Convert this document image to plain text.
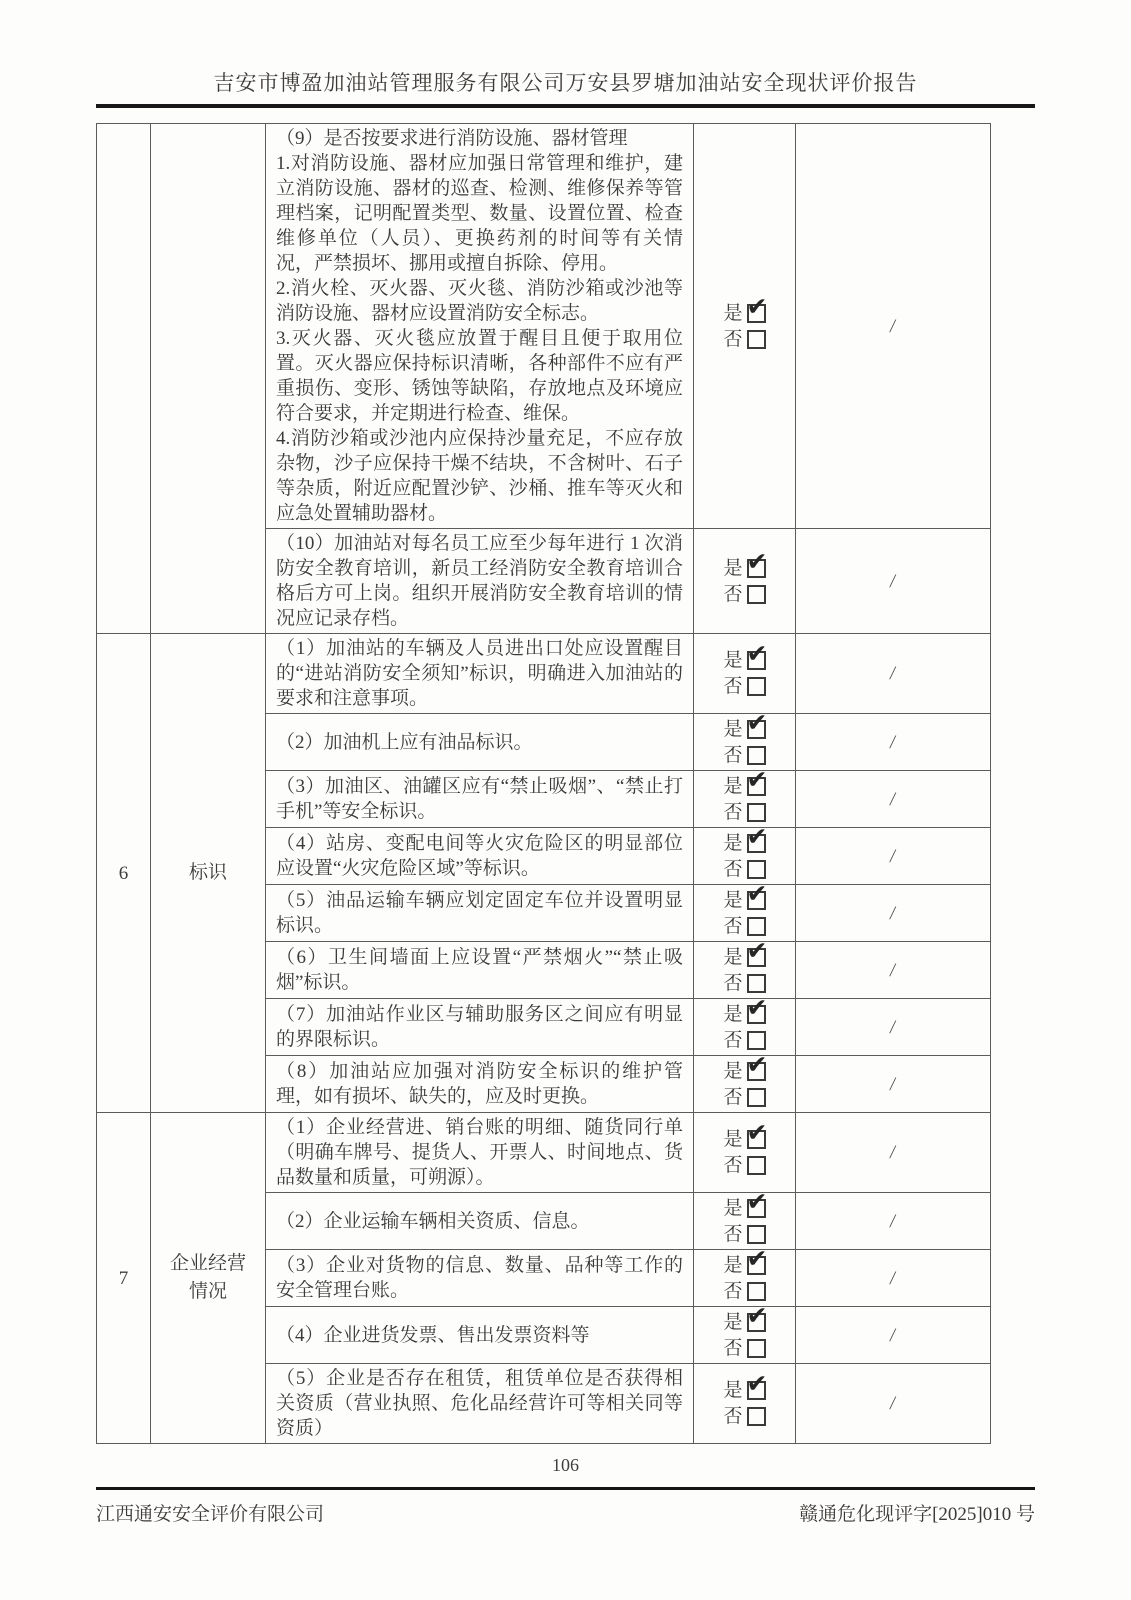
吉安市博盈加油站管理服务有限公司万安县罗塘加油站安全现状评价报告

（9）是否按要求进行消防设施、器材管理
1.对消防设施、器材应加强日常管理和维护，建立消防设施、器材的巡查、检测、维修保养等管理档案，记明配置类型、数量、设置位置、检查维修单位（人员）、更换药剂的时间等有关情况，严禁损坏、挪用或擅自拆除、停用。
2.消火栓、灭火器、灭火毯、消防沙箱或沙池等消防设施、器材应设置消防安全标志。
3.灭火器、灭火毯应放置于醒目且便于取用位置。灭火器应保持标识清晰，各种部件不应有严重损伤、变形、锈蚀等缺陷，存放地点及环境应符合要求，并定期进行检查、维保。
4.消防沙箱或沙池内应保持沙量充足，不应存放杂物，沙子应保持干燥不结块，不含树叶、石子等杂质，附近应配置沙铲、沙桶、推车等灭火和应急处置辅助器材。

是 ✔
否
	/

		（10）加油站对每名员工应至少每年进行 1 次消防安全教育培训，新员工经消防安全教育培训合格后方可上岗。组织开展消防安全教育培训的情况应记录存档。	是 ✔
否	/
6	标识	（1）加油站的车辆及人员进出口处应设置醒目的“进站消防安全须知”标识，明确进入加油站的要求和注意事项。	是 ✔
否	/

		（2）加油机上应有油品标识。	是 ✔
否	/

		（3）加油区、油罐区应有“禁止吸烟”、“禁止打手机”等安全标识。	是 ✔
否	/

		（4）站房、变配电间等火灾危险区的明显部位应设置“火灾危险区域”等标识。	是 ✔
否	/

		（5）油品运输车辆应划定固定车位并设置明显标识。	是 ✔
否	/

		（6）卫生间墙面上应设置“严禁烟火”“禁止吸烟”标识。	是 ✔
否	/

		（7）加油站作业区与辅助服务区之间应有明显的界限标识。	是 ✔
否	/

		（8）加油站应加强对消防安全标识的维护管理，如有损坏、缺失的，应及时更换。	是 ✔
否	/
7	企业经营情况	（1）企业经营进、销台账的明细、随货同行单（明确车牌号、提货人、开票人、时间地点、货品数量和质量，可朔源）。	是 ✔
否	/

		（2）企业运输车辆相关资质、信息。	是 ✔
否	/

		（3）企业对货物的信息、数量、品种等工作的安全管理台账。	是 ✔
否	/

		（4）企业进货发票、售出发票资料等	是 ✔
否	/

		（5）企业是否存在租赁，租赁单位是否获得相关资质（营业执照、危化品经营许可等相关同等资质）	是 ✔
否	/
106
江西通安安全评价有限公司	赣通危化现评字[2025]010 号
